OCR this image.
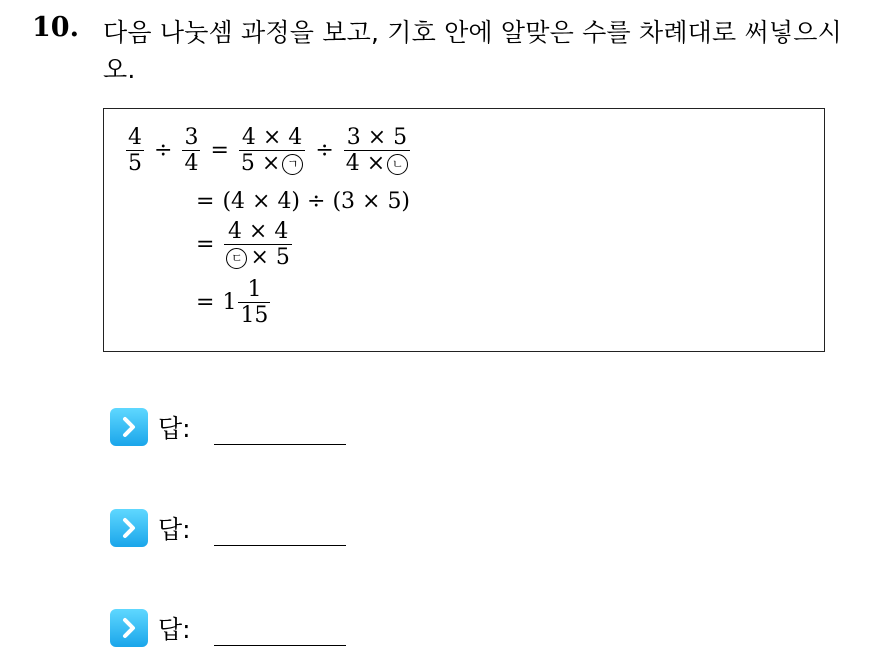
10. 다음 나눗셈 과정을 보고, 기호 안에 알맞은 수를 차례대로 써넣으시오.
$\frac{4}{5} \div \frac{3}{4} = \frac{4 \times 4}{\text{5 × ㄱ}} \div \frac{3 \times 5}{\text{4 × ㄴ}}$
= (4 × 4) ÷ (3 × 5)
= $\frac{4 \times 4}{\text{ㄷ × 5}}$
= $1 \frac{1}{15}$
답:
답:
답:
